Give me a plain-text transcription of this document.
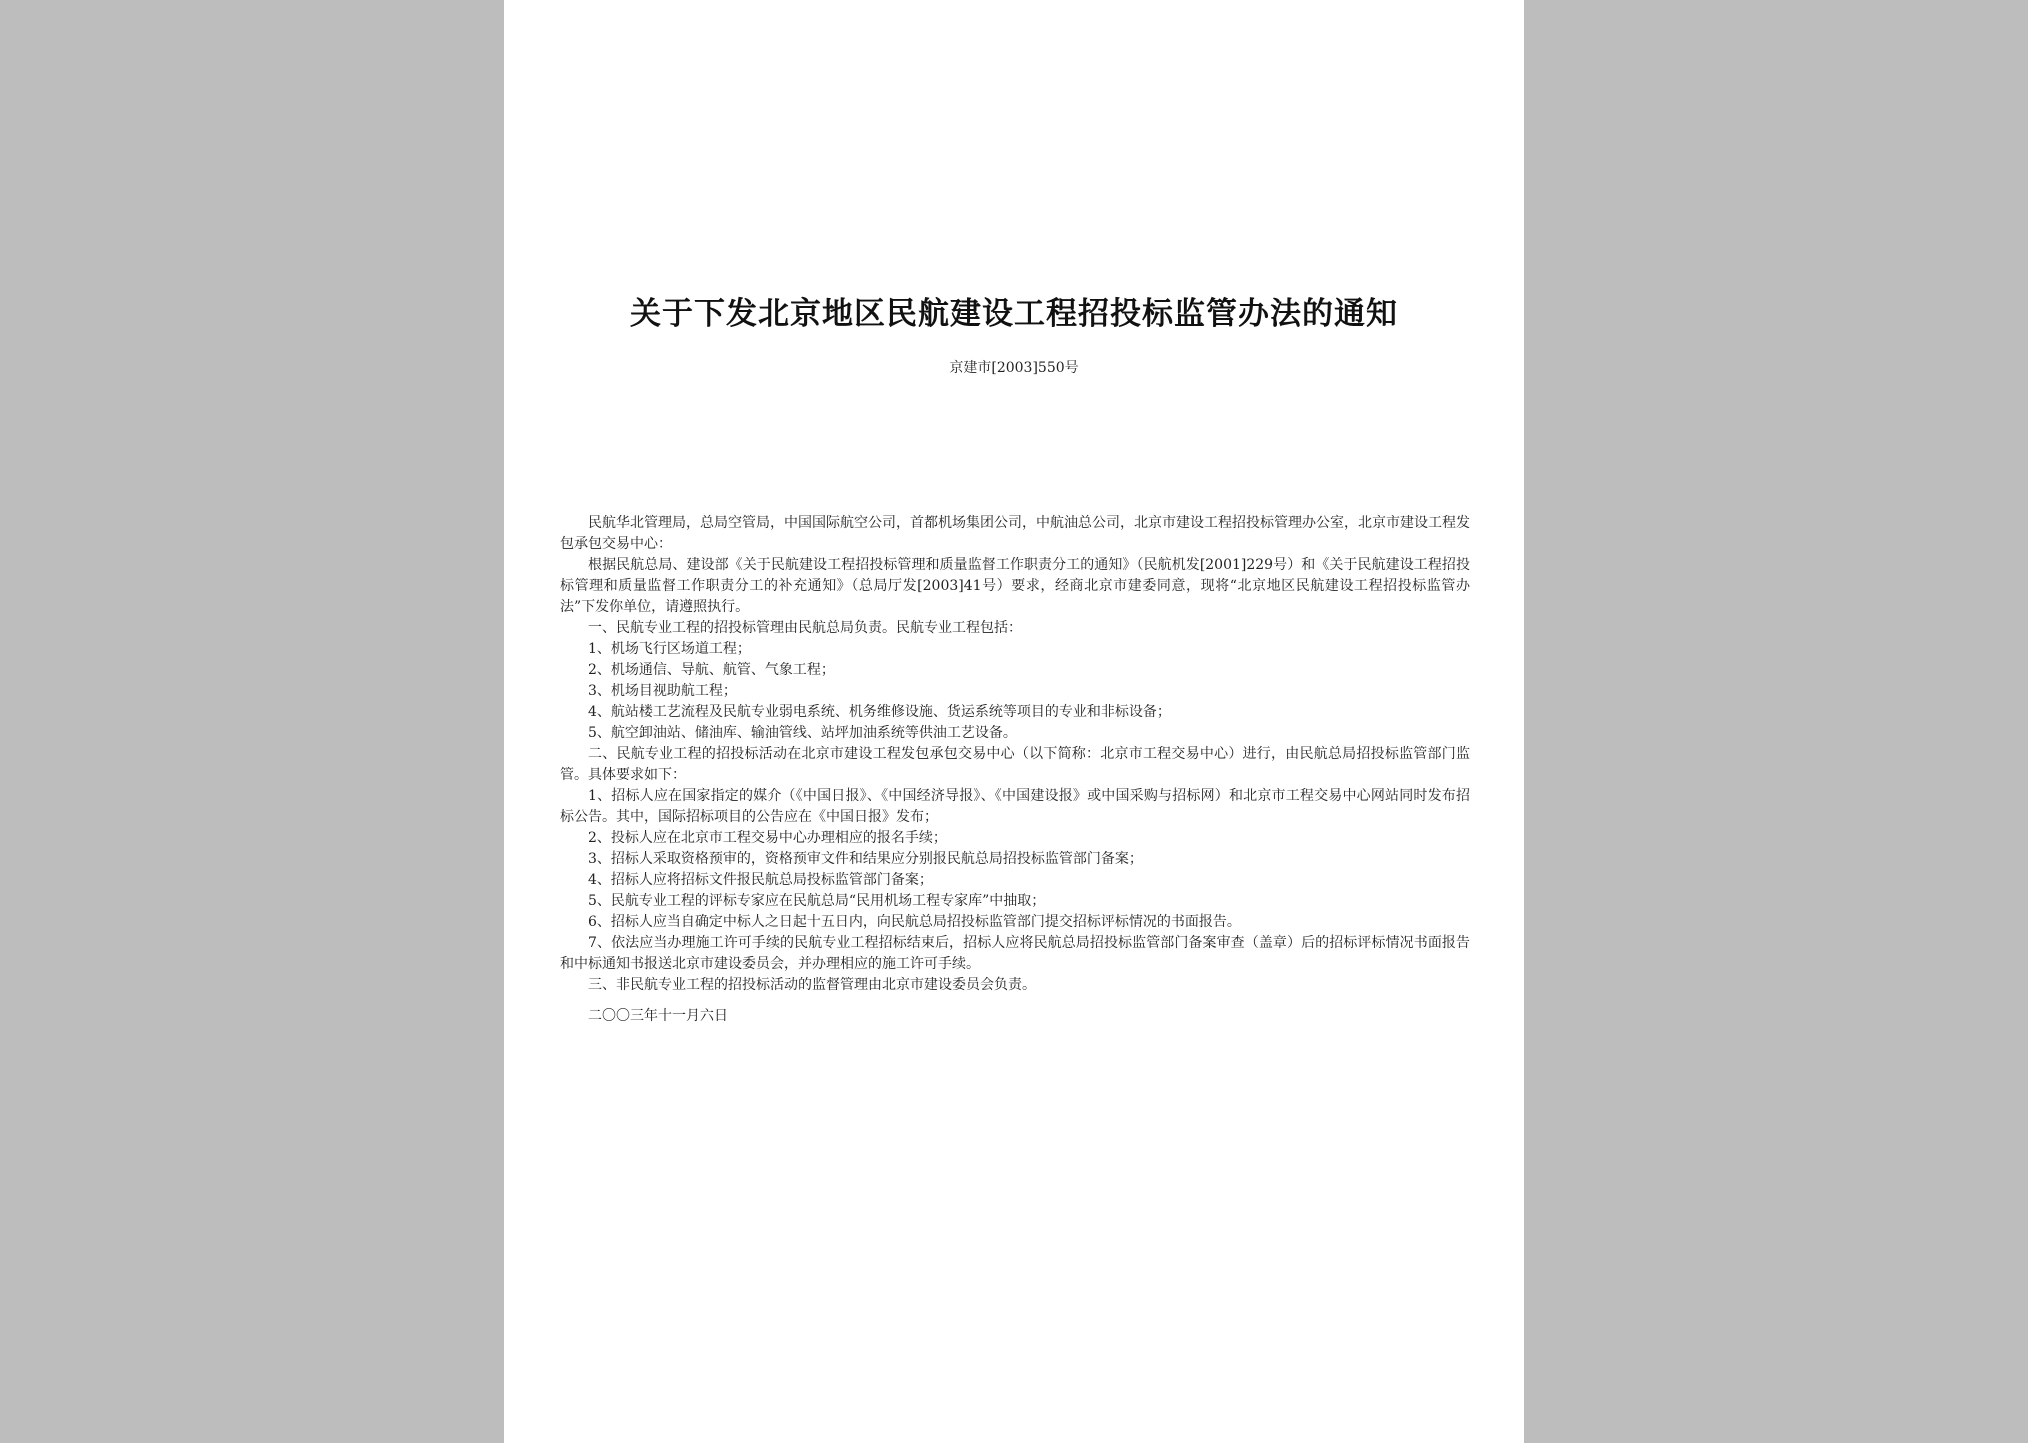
关于下发北京地区民航建设工程招投标监管办法的通知

京建市[2003]550号

民航华北管理局，总局空管局，中国国际航空公司，首都机场集团公司，中航油总公司，北京市建设工程招投标管理办公室，北京市建设工程发包承包交易中心：

根据民航总局、建设部《关于民航建设工程招投标管理和质量监督工作职责分工的通知》（民航机发[2001]229号）和《关于民航建设工程招投标管理和质量监督工作职责分工的补充通知》（总局厅发[2003]41号）要求，经商北京市建委同意，现将“北京地区民航建设工程招投标监管办法”下发你单位，请遵照执行。

一、民航专业工程的招投标管理由民航总局负责。民航专业工程包括：

1、机场飞行区场道工程；

2、机场通信、导航、航管、气象工程；

3、机场目视助航工程；

4、航站楼工艺流程及民航专业弱电系统、机务维修设施、货运系统等项目的专业和非标设备；

5、航空卸油站、储油库、输油管线、站坪加油系统等供油工艺设备。

二、民航专业工程的招投标活动在北京市建设工程发包承包交易中心（以下简称：北京市工程交易中心）进行，由民航总局招投标监管部门监管。具体要求如下：

1、招标人应在国家指定的媒介（《中国日报》、《中国经济导报》、《中国建设报》或中国采购与招标网）和北京市工程交易中心网站同时发布招标公告。其中，国际招标项目的公告应在《中国日报》发布；

2、投标人应在北京市工程交易中心办理相应的报名手续；

3、招标人采取资格预审的，资格预审文件和结果应分别报民航总局招投标监管部门备案；

4、招标人应将招标文件报民航总局投标监管部门备案；

5、民航专业工程的评标专家应在民航总局“民用机场工程专家库”中抽取；

6、招标人应当自确定中标人之日起十五日内，向民航总局招投标监管部门提交招标评标情况的书面报告。

7、依法应当办理施工许可手续的民航专业工程招标结束后，招标人应将民航总局招投标监管部门备案审查（盖章）后的招标评标情况书面报告和中标通知书报送北京市建设委员会，并办理相应的施工许可手续。

三、非民航专业工程的招投标活动的监督管理由北京市建设委员会负责。

二〇〇三年十一月六日
